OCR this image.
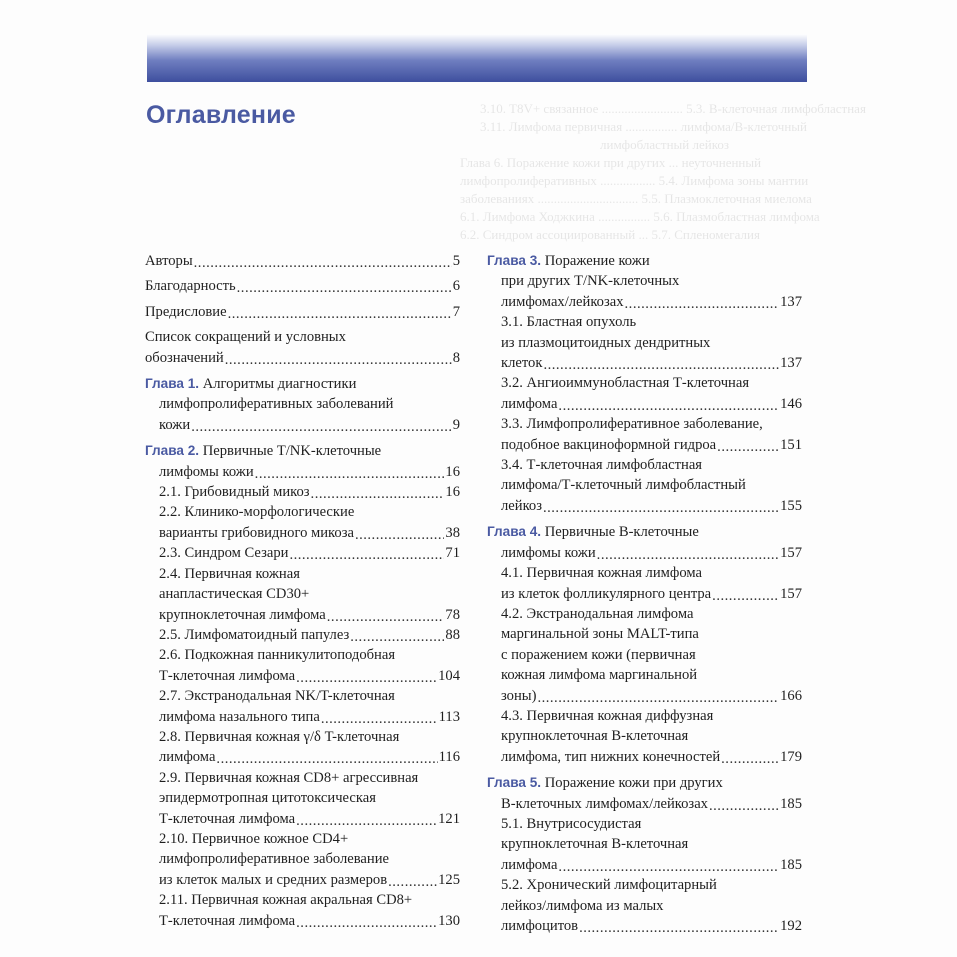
3.10. T8V+ связанное ......................... 5.3. В-клеточная лимфобластная
3.11. Лимфома первичная ................ лимфома/В-клеточный
лимфобластный лейкоз
Глава 6. Поражение кожи при других ... неуточненный
лимфопролиферативных ................. 5.4. Лимфома зоны мантии
заболеваниях ............................... 5.5. Плазмоклеточная миелома
6.1. Лимфома Ходжкина ................ 5.6. Плазмобластная лимфома
6.2. Синдром ассоциированный ... 5.7. Спленомегалия
Оглавление
Авторы .....	5
Благодарность .....	6
Предисловие .....	7
Список сокращений и условных
обозначений .....	8
Глава 1. Алгоритмы диагностики
лимфопролиферативных заболеваний
кожи .....	9
Глава 2. Первичные T/NK-клеточные
лимфомы кожи .....	16
2.1. Грибовидный микоз .....	16
2.2. Клинико-морфологические
варианты грибовидного микоза .....	38
2.3. Синдром Сезари .....	71
2.4. Первичная кожная
анапластическая CD30+
крупноклеточная лимфома .....	78
2.5. Лимфоматоидный папулез .....	88
2.6. Подкожная панникулитоподобная
Т-клеточная лимфома .....	104
2.7. Экстранодальная NK/T-клеточная
лимфома назального типа .....	113
2.8. Первичная кожная γ/δ T-клеточная
лимфома .....	116
2.9. Первичная кожная CD8+ агрессивная
эпидермотропная цитотоксическая
Т-клеточная лимфома .....	121
2.10. Первичное кожное CD4+
лимфопролиферативное заболевание
из клеток малых и средних размеров .....	125
2.11. Первичная кожная акральная CD8+
Т-клеточная лимфома .....	130
Глава 3. Поражение кожи
при других T/NK-клеточных
лимфомах/лейкозах .....	137
3.1. Бластная опухоль
из плазмоцитоидных дендритных
клеток .....	137
3.2. Ангиоиммунобластная Т-клеточная
лимфома .....	146
3.3. Лимфопролиферативное заболевание,
подобное вакциноформной гидроа .....	151
3.4. Т-клеточная лимфобластная
лимфома/Т-клеточный лимфобластный
лейкоз .....	155
Глава 4. Первичные В-клеточные
лимфомы кожи .....	157
4.1. Первичная кожная лимфома
из клеток фолликулярного центра .....	157
4.2. Экстранодальная лимфома
маргинальной зоны MALT-типа
с поражением кожи (первичная
кожная лимфома маргинальной
зоны) .....	166
4.3. Первичная кожная диффузная
крупноклеточная В-клеточная
лимфома, тип нижних конечностей .....	179
Глава 5. Поражение кожи при других
В-клеточных лимфомах/лейкозах .....	185
5.1. Внутрисосудистая
крупноклеточная В-клеточная
лимфома .....	185
5.2. Хронический лимфоцитарный
лейкоз/лимфома из малых
лимфоцитов .....	192
